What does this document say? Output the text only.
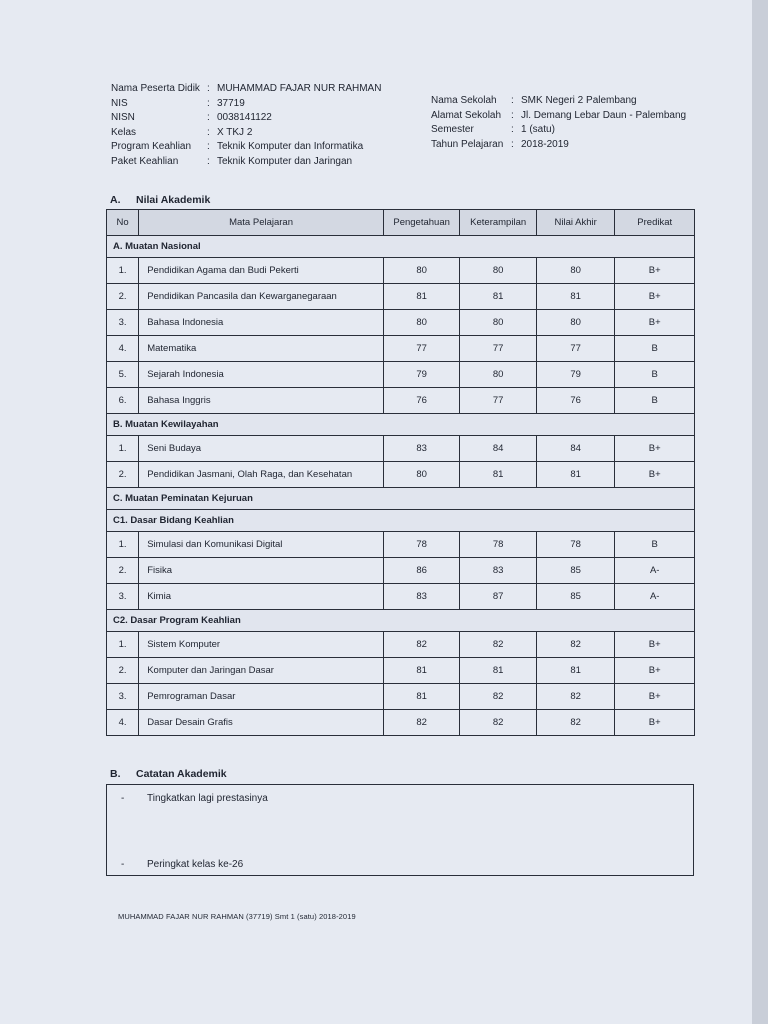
Nama Peserta Didik : MUHAMMAD FAJAR NUR RAHMAN
NIS	: 37719
NISN	: 0038141122
Kelas	: X TKJ 2
Program Keahlian	: Teknik Komputer dan Informatika
Paket Keahlian	: Teknik Komputer dan Jaringan
Nama Sekolah	: SMK Negeri 2 Palembang
Alamat Sekolah : Jl. Demang Lebar Daun - Palembang
Semester	: 1 (satu)
Tahun Pelajaran : 2018-2019
A. Nilai Akademik
No	Mata Pelajaran	Pengetahuan	Keterampilan	Nilai Akhir	Predikat
A. Muatan Nasional					
1.	Pendidikan Agama dan Budi Pekerti	80	80	80	B+
2.	Pendidikan Pancasila dan Kewarganegaraan	81	81	81	B+
3.	Bahasa Indonesia	80	80	80	B+
4.	Matematika	77	77	77	B
5.	Sejarah Indonesia	79	80	79	B
6.	Bahasa Inggris	76	77	76	B
B. Muatan Kewilayahan					
1.	Seni Budaya	83	84	84	B+
2.	Pendidikan Jasmani, Olah Raga, dan Kesehatan	80	81	81	B+
C. Muatan Peminatan Kejuruan					
C1. Dasar Bidang Keahlian					
1.	Simulasi dan Komunikasi Digital	78	78	78	B
2.	Fisika	86	83	85	A-
3.	Kimia	83	87	85	A-
C2. Dasar Program Keahlian					
1.	Sistem Komputer	82	82	82	B+
2.	Komputer dan Jaringan Dasar	81	81	81	B+
3.	Pemrograman Dasar	81	82	82	B+
4.	Dasar Desain Grafis	82	82	82	B+
B. Catatan Akademik
- Tingkatkan lagi prestasinya
- Peringkat kelas ke-26
MUHAMMAD FAJAR NUR RAHMAN (37719) Smt 1 (satu) 2018-2019
